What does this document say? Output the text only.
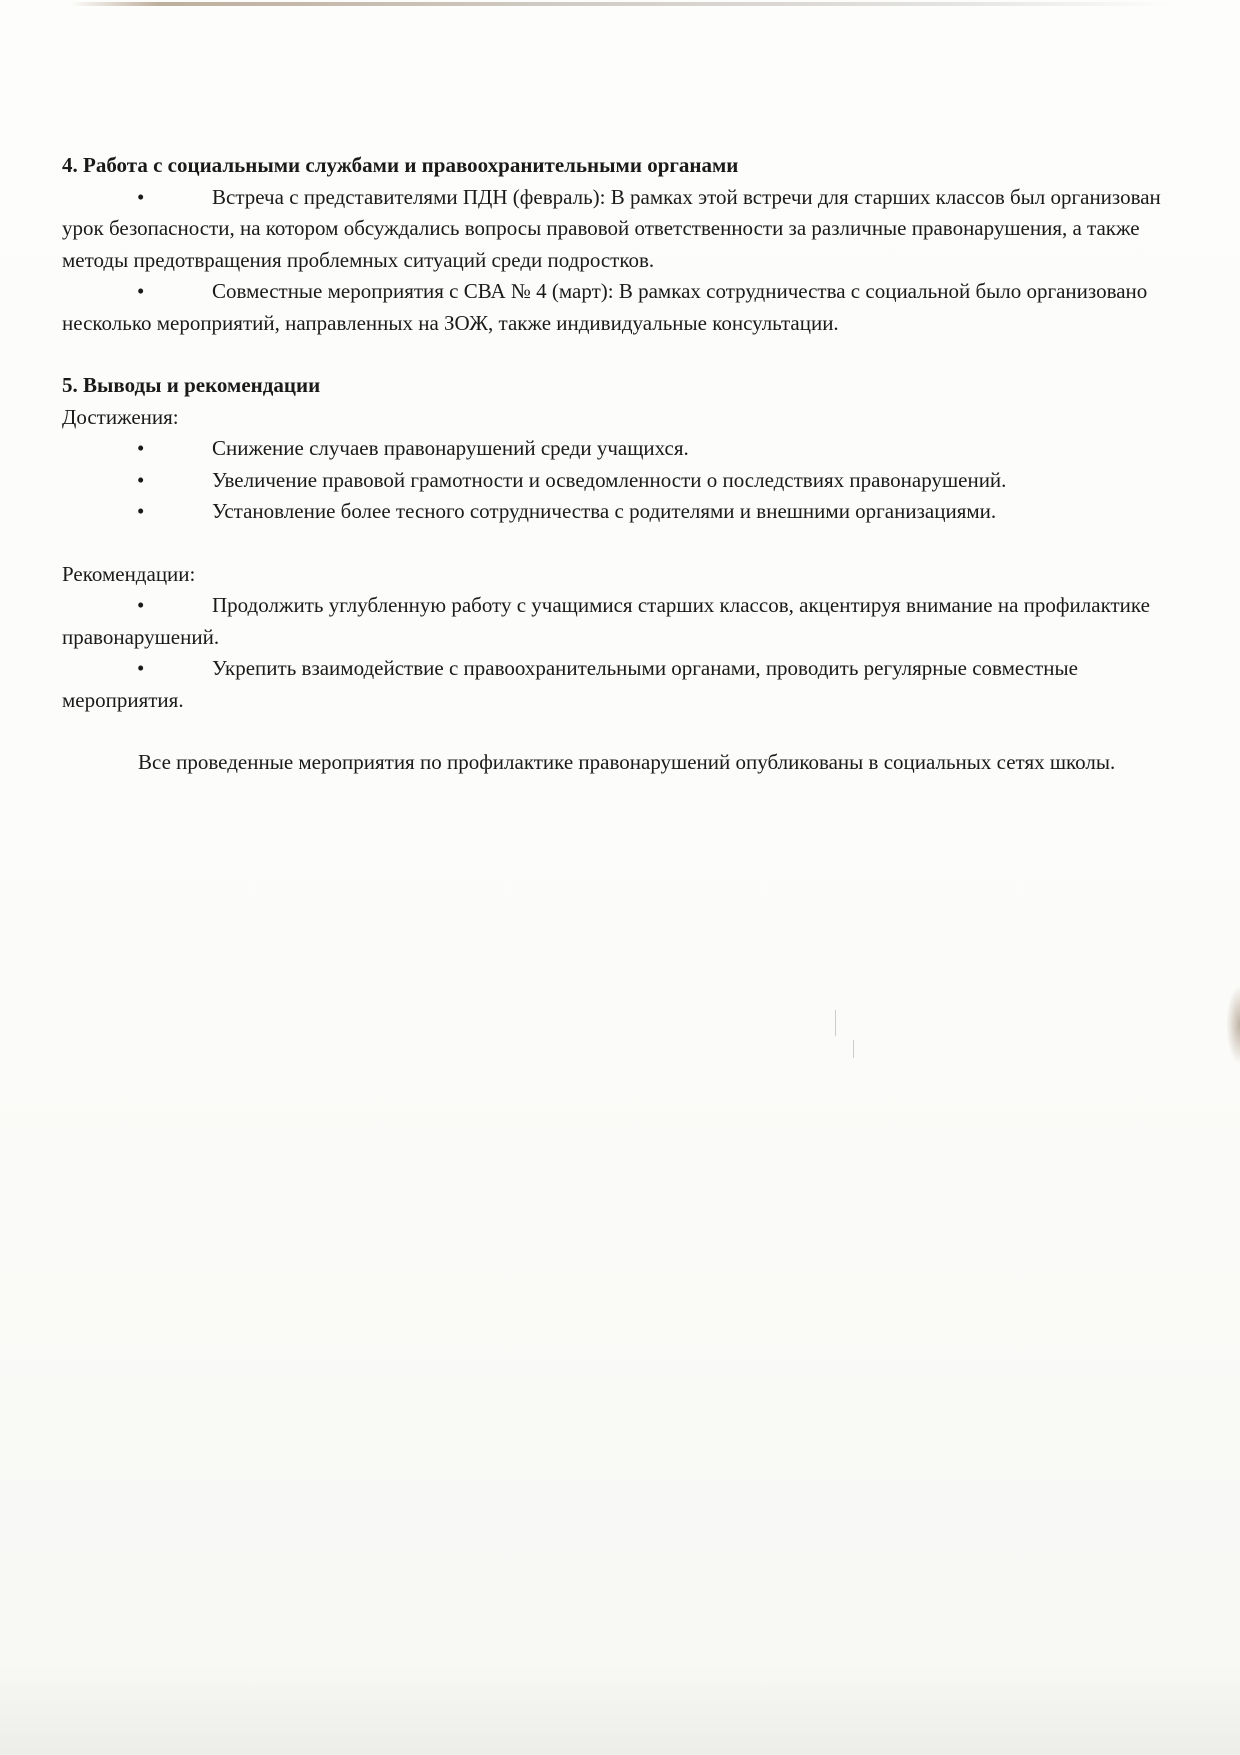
4. Работа с социальными службами и правоохранительными органами

•	Встреча с представителями ПДН (февраль): В рамках этой встречи для старших классов был организован урок безопасности, на котором обсуждались вопросы правовой ответственности за различные правонарушения, а также методы предотвращения проблемных ситуаций среди подростков.

•	Совместные мероприятия с СВА № 4 (март): В рамках сотрудничества с социальной было организовано несколько мероприятий, направленных на ЗОЖ, также индивидуальные консультации.

5. Выводы и рекомендации

Достижения:

•	Снижение случаев правонарушений среди учащихся.

•	Увеличение правовой грамотности и осведомленности о последствиях правонарушений.

•	Установление более тесного сотрудничества с родителями и внешними организациями.

Рекомендации:

•	Продолжить углубленную работу с учащимися старших классов, акцентируя внимание на профилактике правонарушений.

•	Укрепить взаимодействие с правоохранительными органами, проводить регулярные совместные мероприятия.

Все проведенные мероприятия по профилактике правонарушений опубликованы в социальных сетях школы.
